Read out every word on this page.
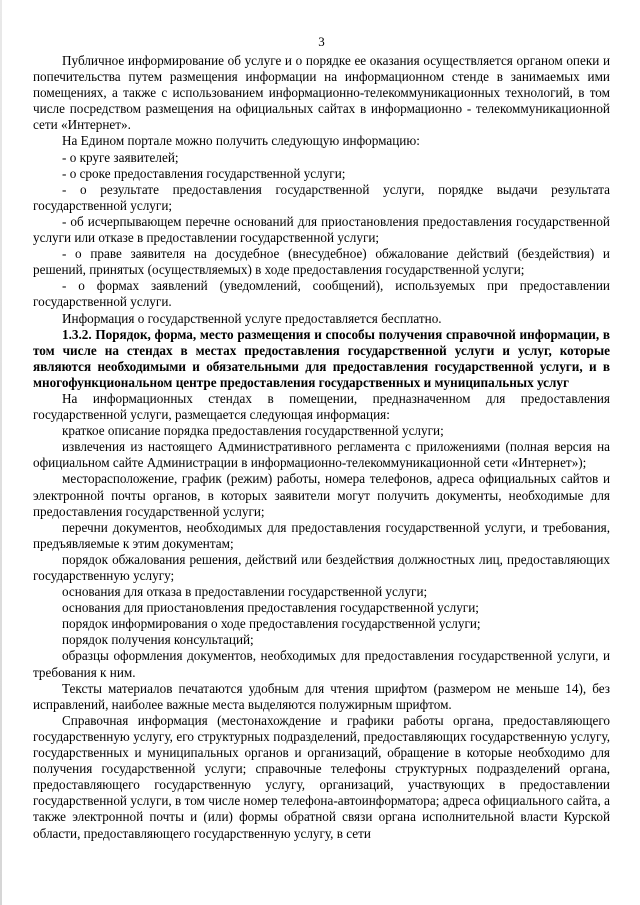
3

Публичное информирование об услуге и о порядке ее оказания осуществляется органом опеки и попечительства путем размещения информации на информационном стенде в занимаемых ими помещениях, а также с использованием информационно-телекоммуникационных технологий, в том числе посредством размещения на официальных сайтах в информационно - телекоммуникационной сети «Интернет».

На Едином портале можно получить следующую информацию:

- о круге заявителей;

- о сроке предоставления государственной услуги;

- о результате предоставления государственной услуги, порядке выдачи результата государственной услуги;

- об исчерпывающем перечне оснований для приостановления предоставления государственной услуги или отказе в предоставлении государственной услуги;

- о праве заявителя на досудебное (внесудебное) обжалование действий (бездействия) и решений, принятых (осуществляемых) в ходе предоставления государственной услуги;

- о формах заявлений (уведомлений, сообщений), используемых при предоставлении государственной услуги.

Информация о государственной услуге предоставляется бесплатно.

1.3.2. Порядок, форма, место размещения и способы получения справочной информации, в том числе на стендах в местах предоставления государственной услуги и услуг, которые являются необходимыми и обязательными для предоставления государственной услуги, и в многофункциональном центре предоставления государственных и муниципальных услуг

На информационных стендах в помещении, предназначенном для предоставления государственной услуги, размещается следующая информация:

краткое описание порядка предоставления государственной услуги;

извлечения из настоящего Административного регламента с приложениями (полная версия на официальном сайте Администрации в информационно-телекоммуникационной сети «Интернет»);

месторасположение, график (режим) работы, номера телефонов, адреса официальных сайтов и электронной почты органов, в которых заявители могут получить документы, необходимые для предоставления государственной услуги;

перечни документов, необходимых для предоставления государственной услуги, и требования, предъявляемые к этим документам;

порядок обжалования решения, действий или бездействия должностных лиц, предоставляющих государственную услугу;

основания для отказа в предоставлении государственной услуги;

основания для приостановления предоставления государственной услуги;

порядок информирования о ходе предоставления государственной услуги;

порядок получения консультаций;

образцы оформления документов, необходимых для предоставления государственной услуги, и требования к ним.

Тексты материалов печатаются удобным для чтения шрифтом (размером не меньше 14), без исправлений, наиболее важные места выделяются полужирным шрифтом.

Справочная информация (местонахождение и графики работы органа, предоставляющего государственную услугу, его структурных подразделений, предоставляющих государственную услугу, государственных и муниципальных органов и организаций, обращение в которые необходимо для получения государственной услуги; справочные телефоны структурных подразделений органа, предоставляющего государственную услугу, организаций, участвующих в предоставлении государственной услуги, в том числе номер телефона-автоинформатора; адреса официального сайта, а также электронной почты и (или) формы обратной связи органа исполнительной власти Курской области, предоставляющего государственную услугу, в сети
